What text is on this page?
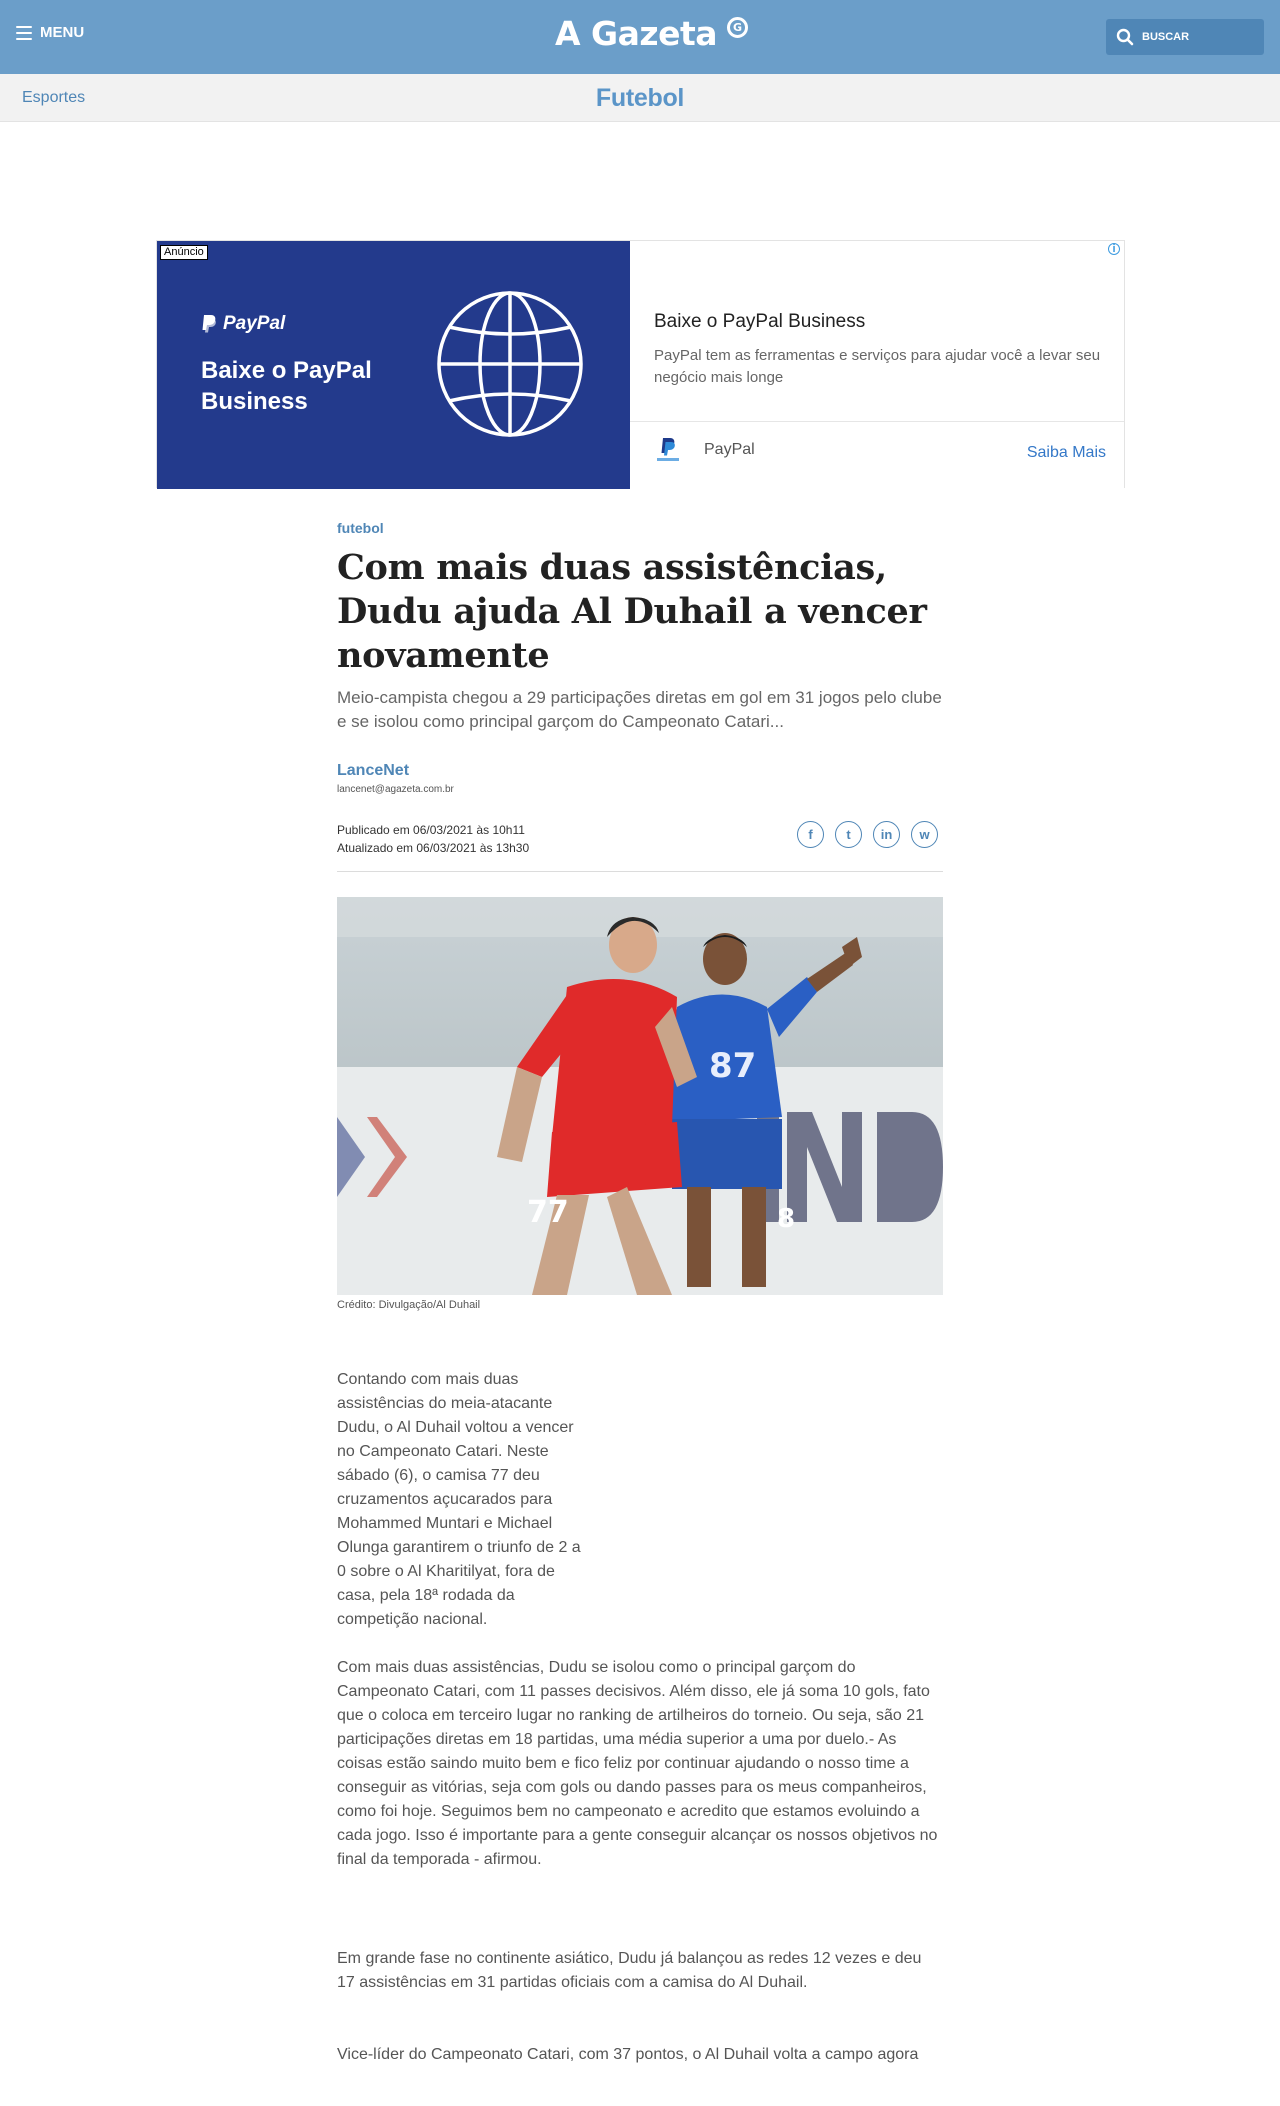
MENU	A Gazeta	G
BUSCAR
Esportes	Futebol
Anúncio
PayPal
Baixe o PayPal
Business
i
Baixe o PayPal Business
PayPal tem as ferramentas e serviços para ajudar você a levar seu negócio mais longe
PayPal	Saiba Mais
futebol
Com mais duas assistências, Dudu ajuda Al Duhail a vencer novamente

Meio-campista chegou a 29 participações diretas em gol em 31 jogos pelo clube e se isolou como principal garçom do Campeonato Catari...

LanceNet
lancenet@agazeta.com.br
Publicado em 06/03/2021 às 10h11
Atualizado em 06/03/2021 às 13h30
f	t	in	w
87
77	8
Crédito: Divulgação/Al Duhail

Contando com mais duas assistências do meia-atacante Dudu, o Al Duhail voltou a vencer no Campeonato Catari. Neste sábado (6), o camisa 77 deu cruzamentos açucarados para Mohammed Muntari e Michael Olunga garantirem o triunfo de 2 a 0 sobre o Al Kharitilyat, fora de casa, pela 18ª rodada da competição nacional.

Com mais duas assistências, Dudu se isolou como o principal garçom do Campeonato Catari, com 11 passes decisivos. Além disso, ele já soma 10 gols, fato que o coloca em terceiro lugar no ranking de artilheiros do torneio. Ou seja, são 21 participações diretas em 18 partidas, uma média superior a uma por duelo.- As coisas estão saindo muito bem e fico feliz por continuar ajudando o nosso time a conseguir as vitórias, seja com gols ou dando passes para os meus companheiros, como foi hoje. Seguimos bem no campeonato e acredito que estamos evoluindo a cada jogo. Isso é importante para a gente conseguir alcançar os nossos objetivos no final da temporada - afirmou.

Em grande fase no continente asiático, Dudu já balançou as redes 12 vezes e deu 17 assistências em 31 partidas oficiais com a camisa do Al Duhail.

Vice-líder do Campeonato Catari, com 37 pontos, o Al Duhail volta a campo agora
